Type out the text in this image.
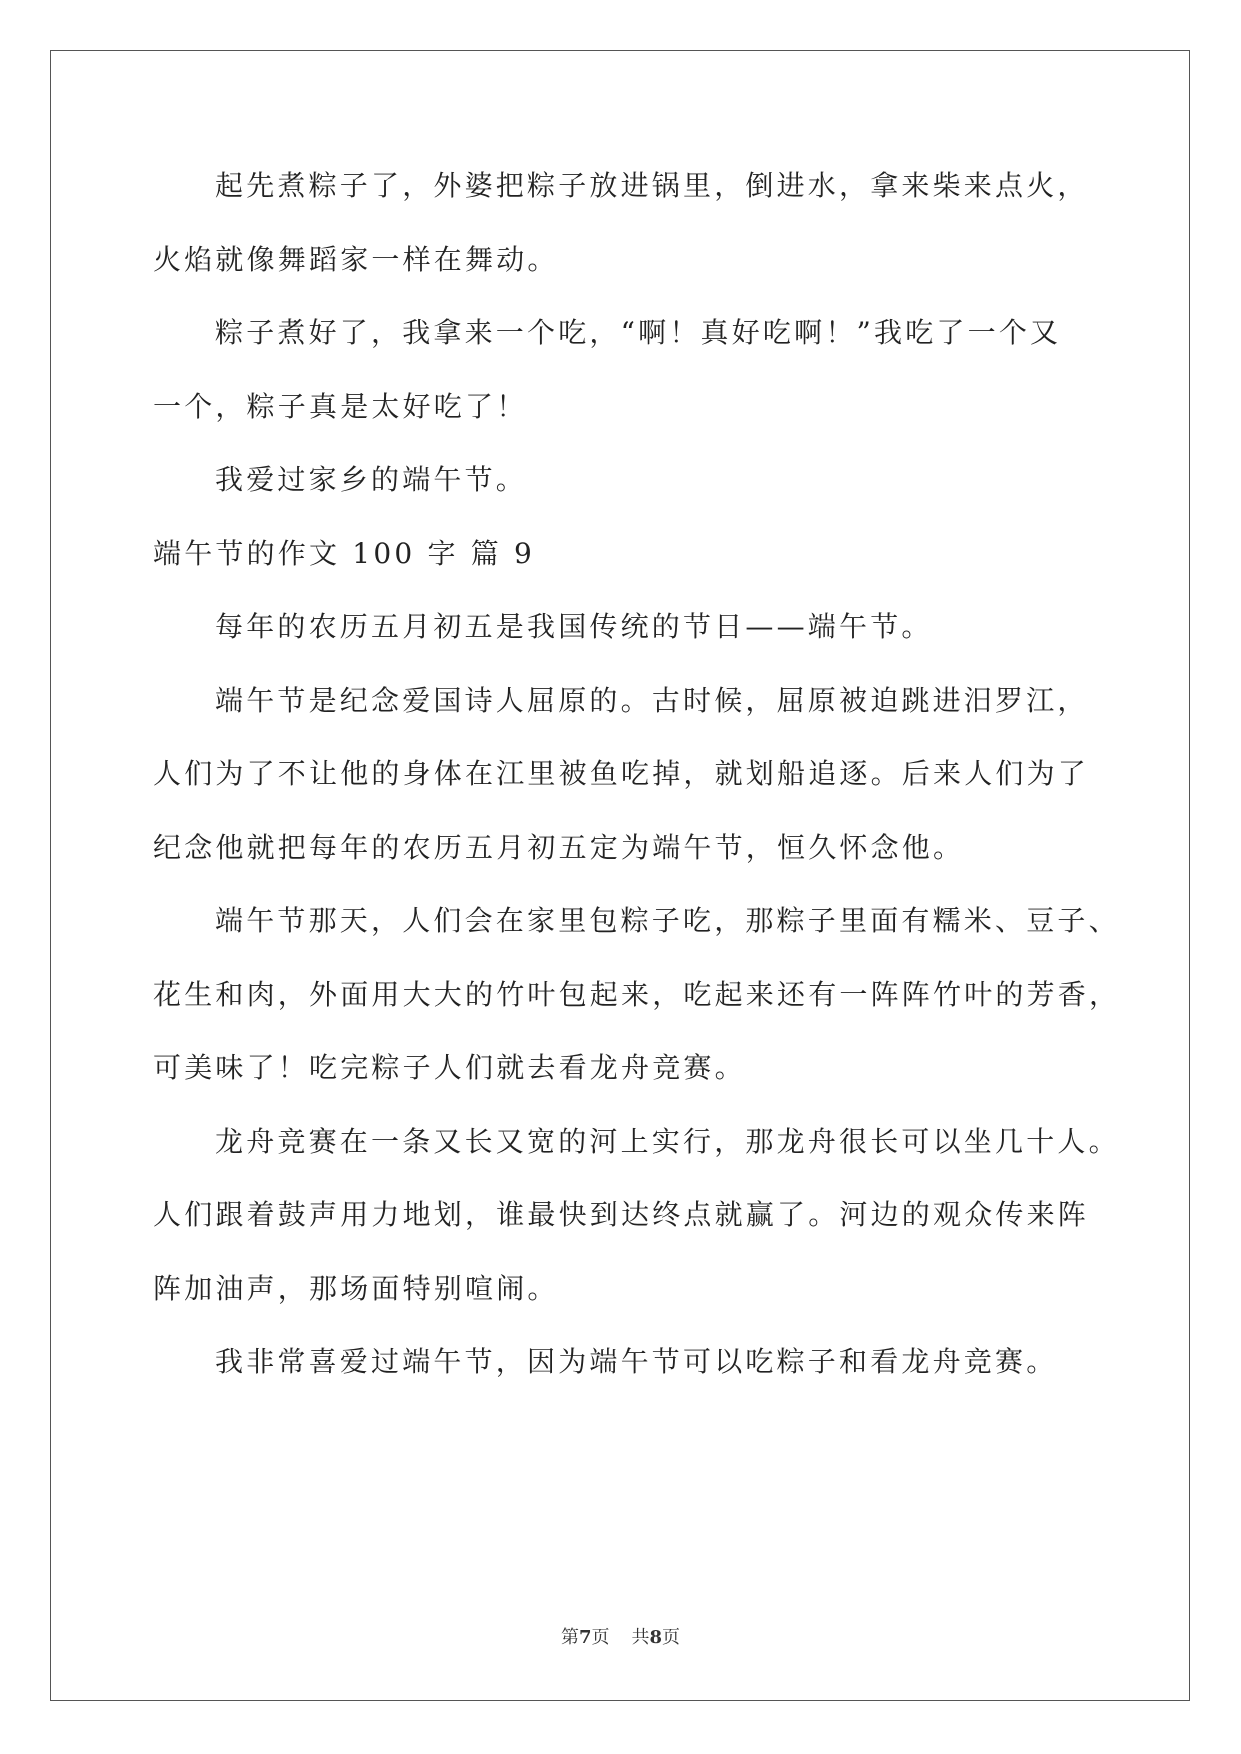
起先煮粽子了，外婆把粽子放进锅里，倒进水，拿来柴来点火，
火焰就像舞蹈家一样在舞动。
粽子煮好了，我拿来一个吃，“啊！真好吃啊！”我吃了一个又
一个，粽子真是太好吃了！
我爱过家乡的端午节。
端午节的作文 100 字 篇 9
每年的农历五月初五是我国传统的节日——端午节。
端午节是纪念爱国诗人屈原的。古时候，屈原被迫跳进汨罗江，
人们为了不让他的身体在江里被鱼吃掉，就划船追逐。后来人们为了
纪念他就把每年的农历五月初五定为端午节，恒久怀念他。
端午节那天，人们会在家里包粽子吃，那粽子里面有糯米、豆子、
花生和肉，外面用大大的竹叶包起来，吃起来还有一阵阵竹叶的芳香，
可美味了！吃完粽子人们就去看龙舟竞赛。
龙舟竞赛在一条又长又宽的河上实行，那龙舟很长可以坐几十人。
人们跟着鼓声用力地划，谁最快到达终点就赢了。河边的观众传来阵
阵加油声，那场面特别喧闹。
我非常喜爱过端午节，因为端午节可以吃粽子和看龙舟竞赛。
第7页 共8页
